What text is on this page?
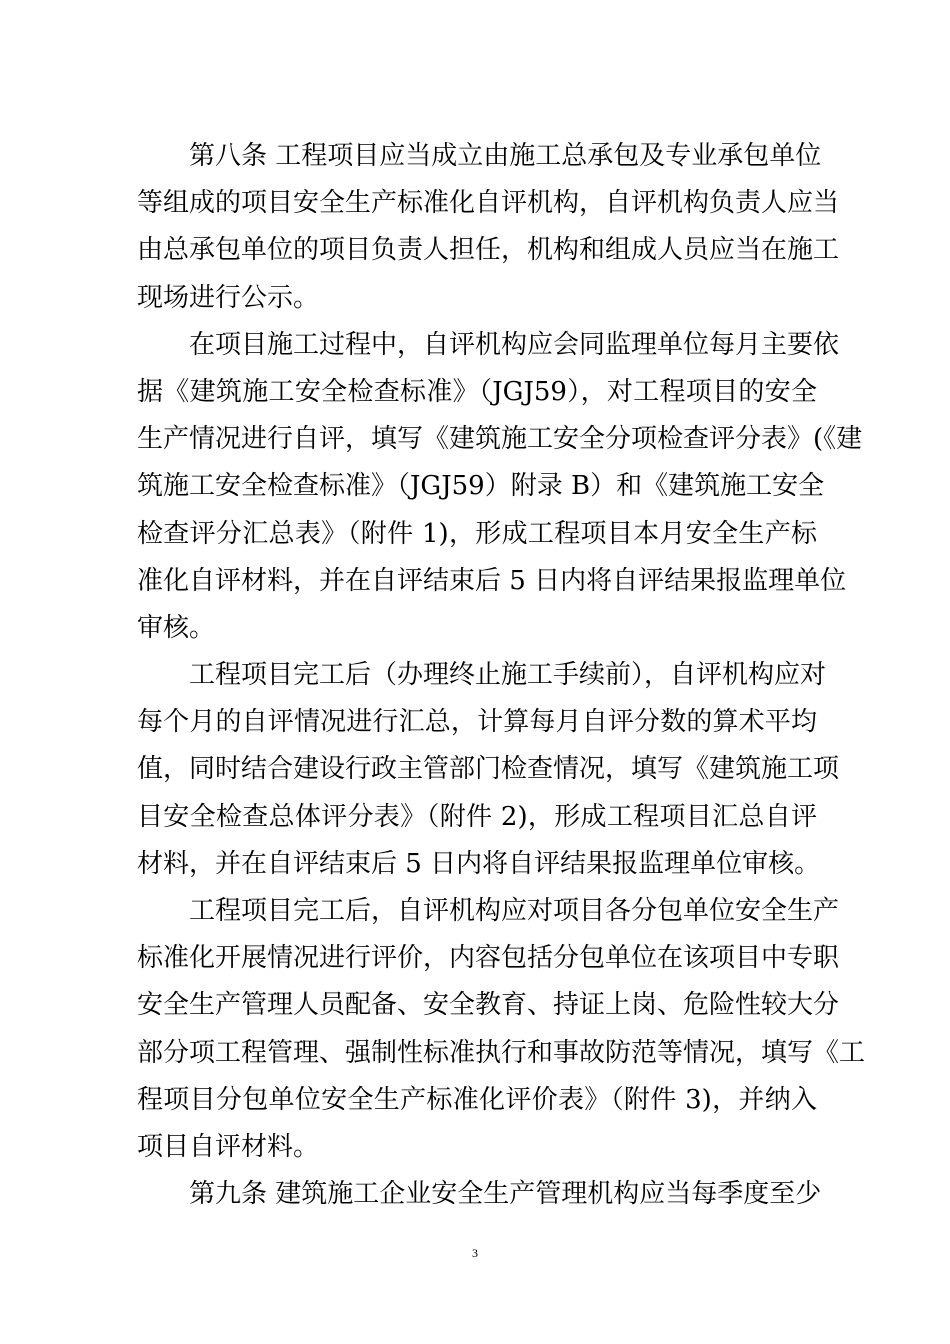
第八条 工程项目应当成立由施工总承包及专业承包单位
等组成的项目安全生产标准化自评机构，自评机构负责人应当
由总承包单位的项目负责人担任，机构和组成人员应当在施工
现场进行公示。
在项目施工过程中，自评机构应会同监理单位每月主要依
据《建筑施工安全检查标准》（JGJ59），对工程项目的安全
生产情况进行自评，填写《建筑施工安全分项检查评分表》(《建
筑施工安全检查标准》（JGJ59）附录 B）和《建筑施工安全
检查评分汇总表》（附件 1)，形成工程项目本月安全生产标
准化自评材料，并在自评结束后 5 日内将自评结果报监理单位
审核。
工程项目完工后（办理终止施工手续前），自评机构应对
每个月的自评情况进行汇总，计算每月自评分数的算术平均
值，同时结合建设行政主管部门检查情况，填写《建筑施工项
目安全检查总体评分表》（附件 2)，形成工程项目汇总自评
材料，并在自评结束后 5 日内将自评结果报监理单位审核。
工程项目完工后，自评机构应对项目各分包单位安全生产
标准化开展情况进行评价，内容包括分包单位在该项目中专职
安全生产管理人员配备、安全教育、持证上岗、危险性较大分
部分项工程管理、强制性标准执行和事故防范等情况，填写《工
程项目分包单位安全生产标准化评价表》（附件 3)，并纳入
项目自评材料。
第九条 建筑施工企业安全生产管理机构应当每季度至少
3
